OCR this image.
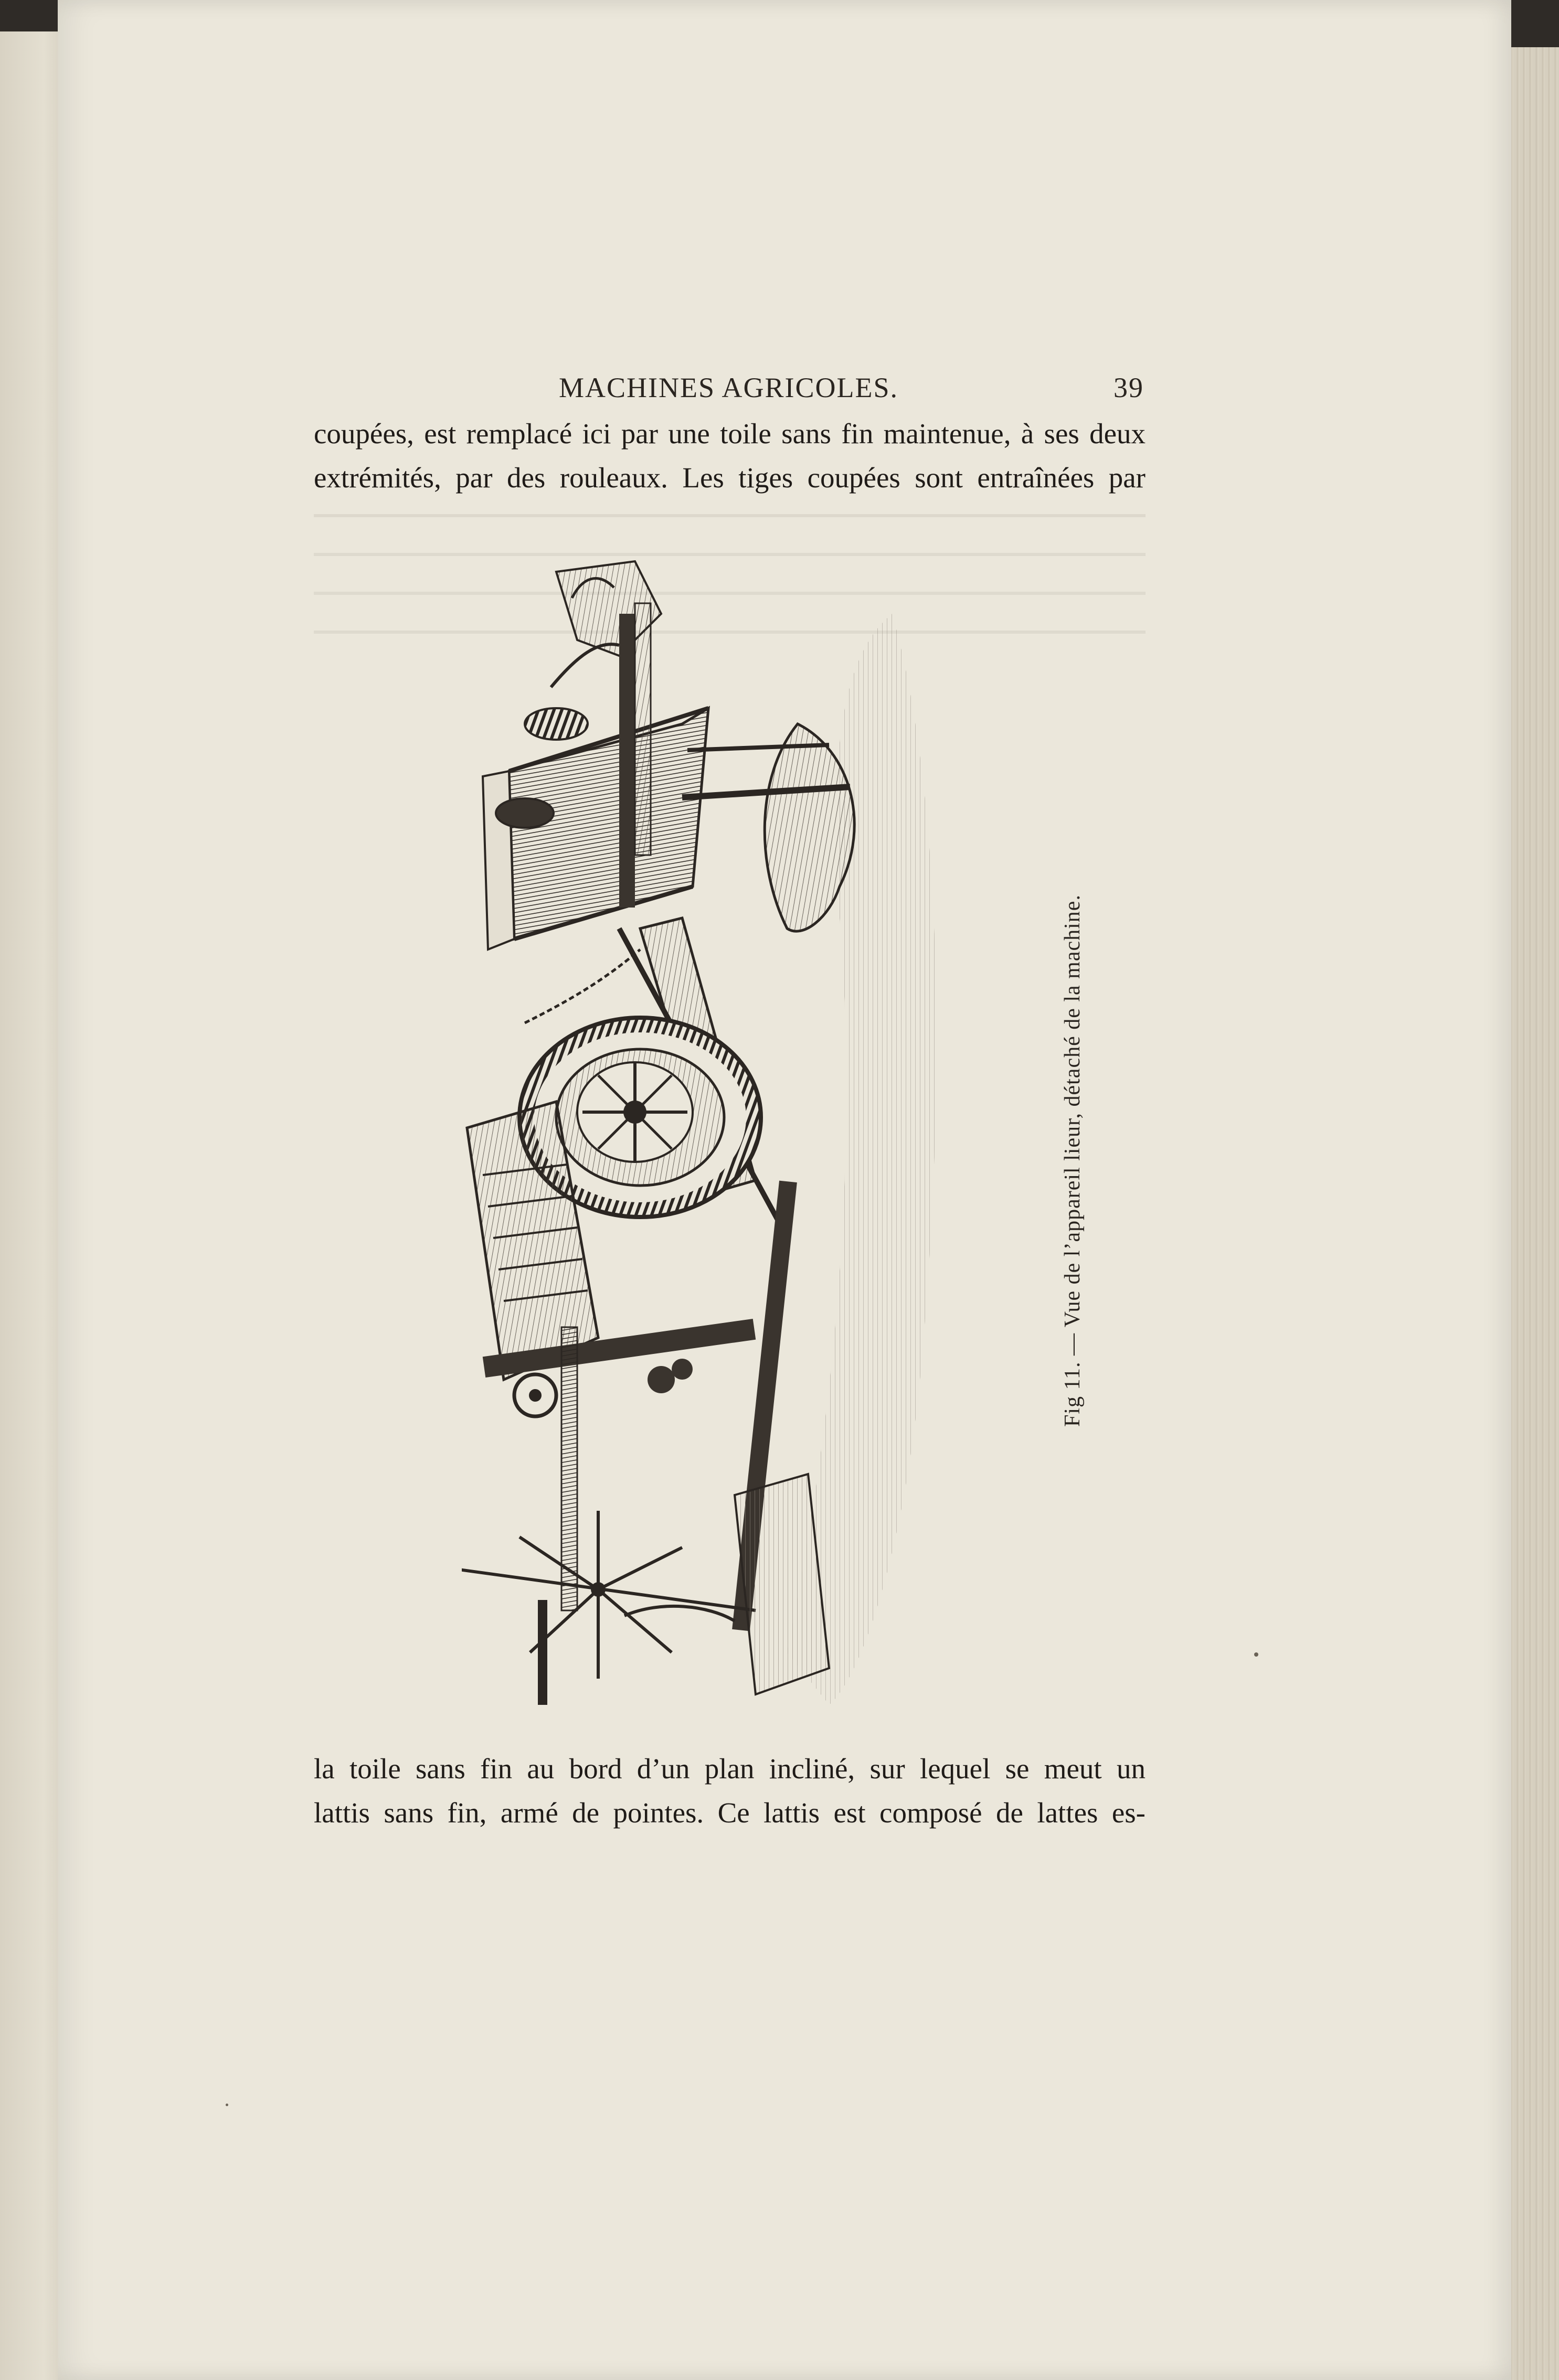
MACHINES AGRICOLES.	39
coupées, est remplacé ici par une toile sans fin maintenue, à ses deux
extrémités, par des rouleaux. Les tiges coupées sont entraînées par
Fig 11. — Vue de l’appareil lieur, détaché de la machine.
la toile sans fin au bord d’un plan incliné, sur lequel se meut un
lattis sans fin, armé de pointes. Ce lattis est composé de lattes es-
